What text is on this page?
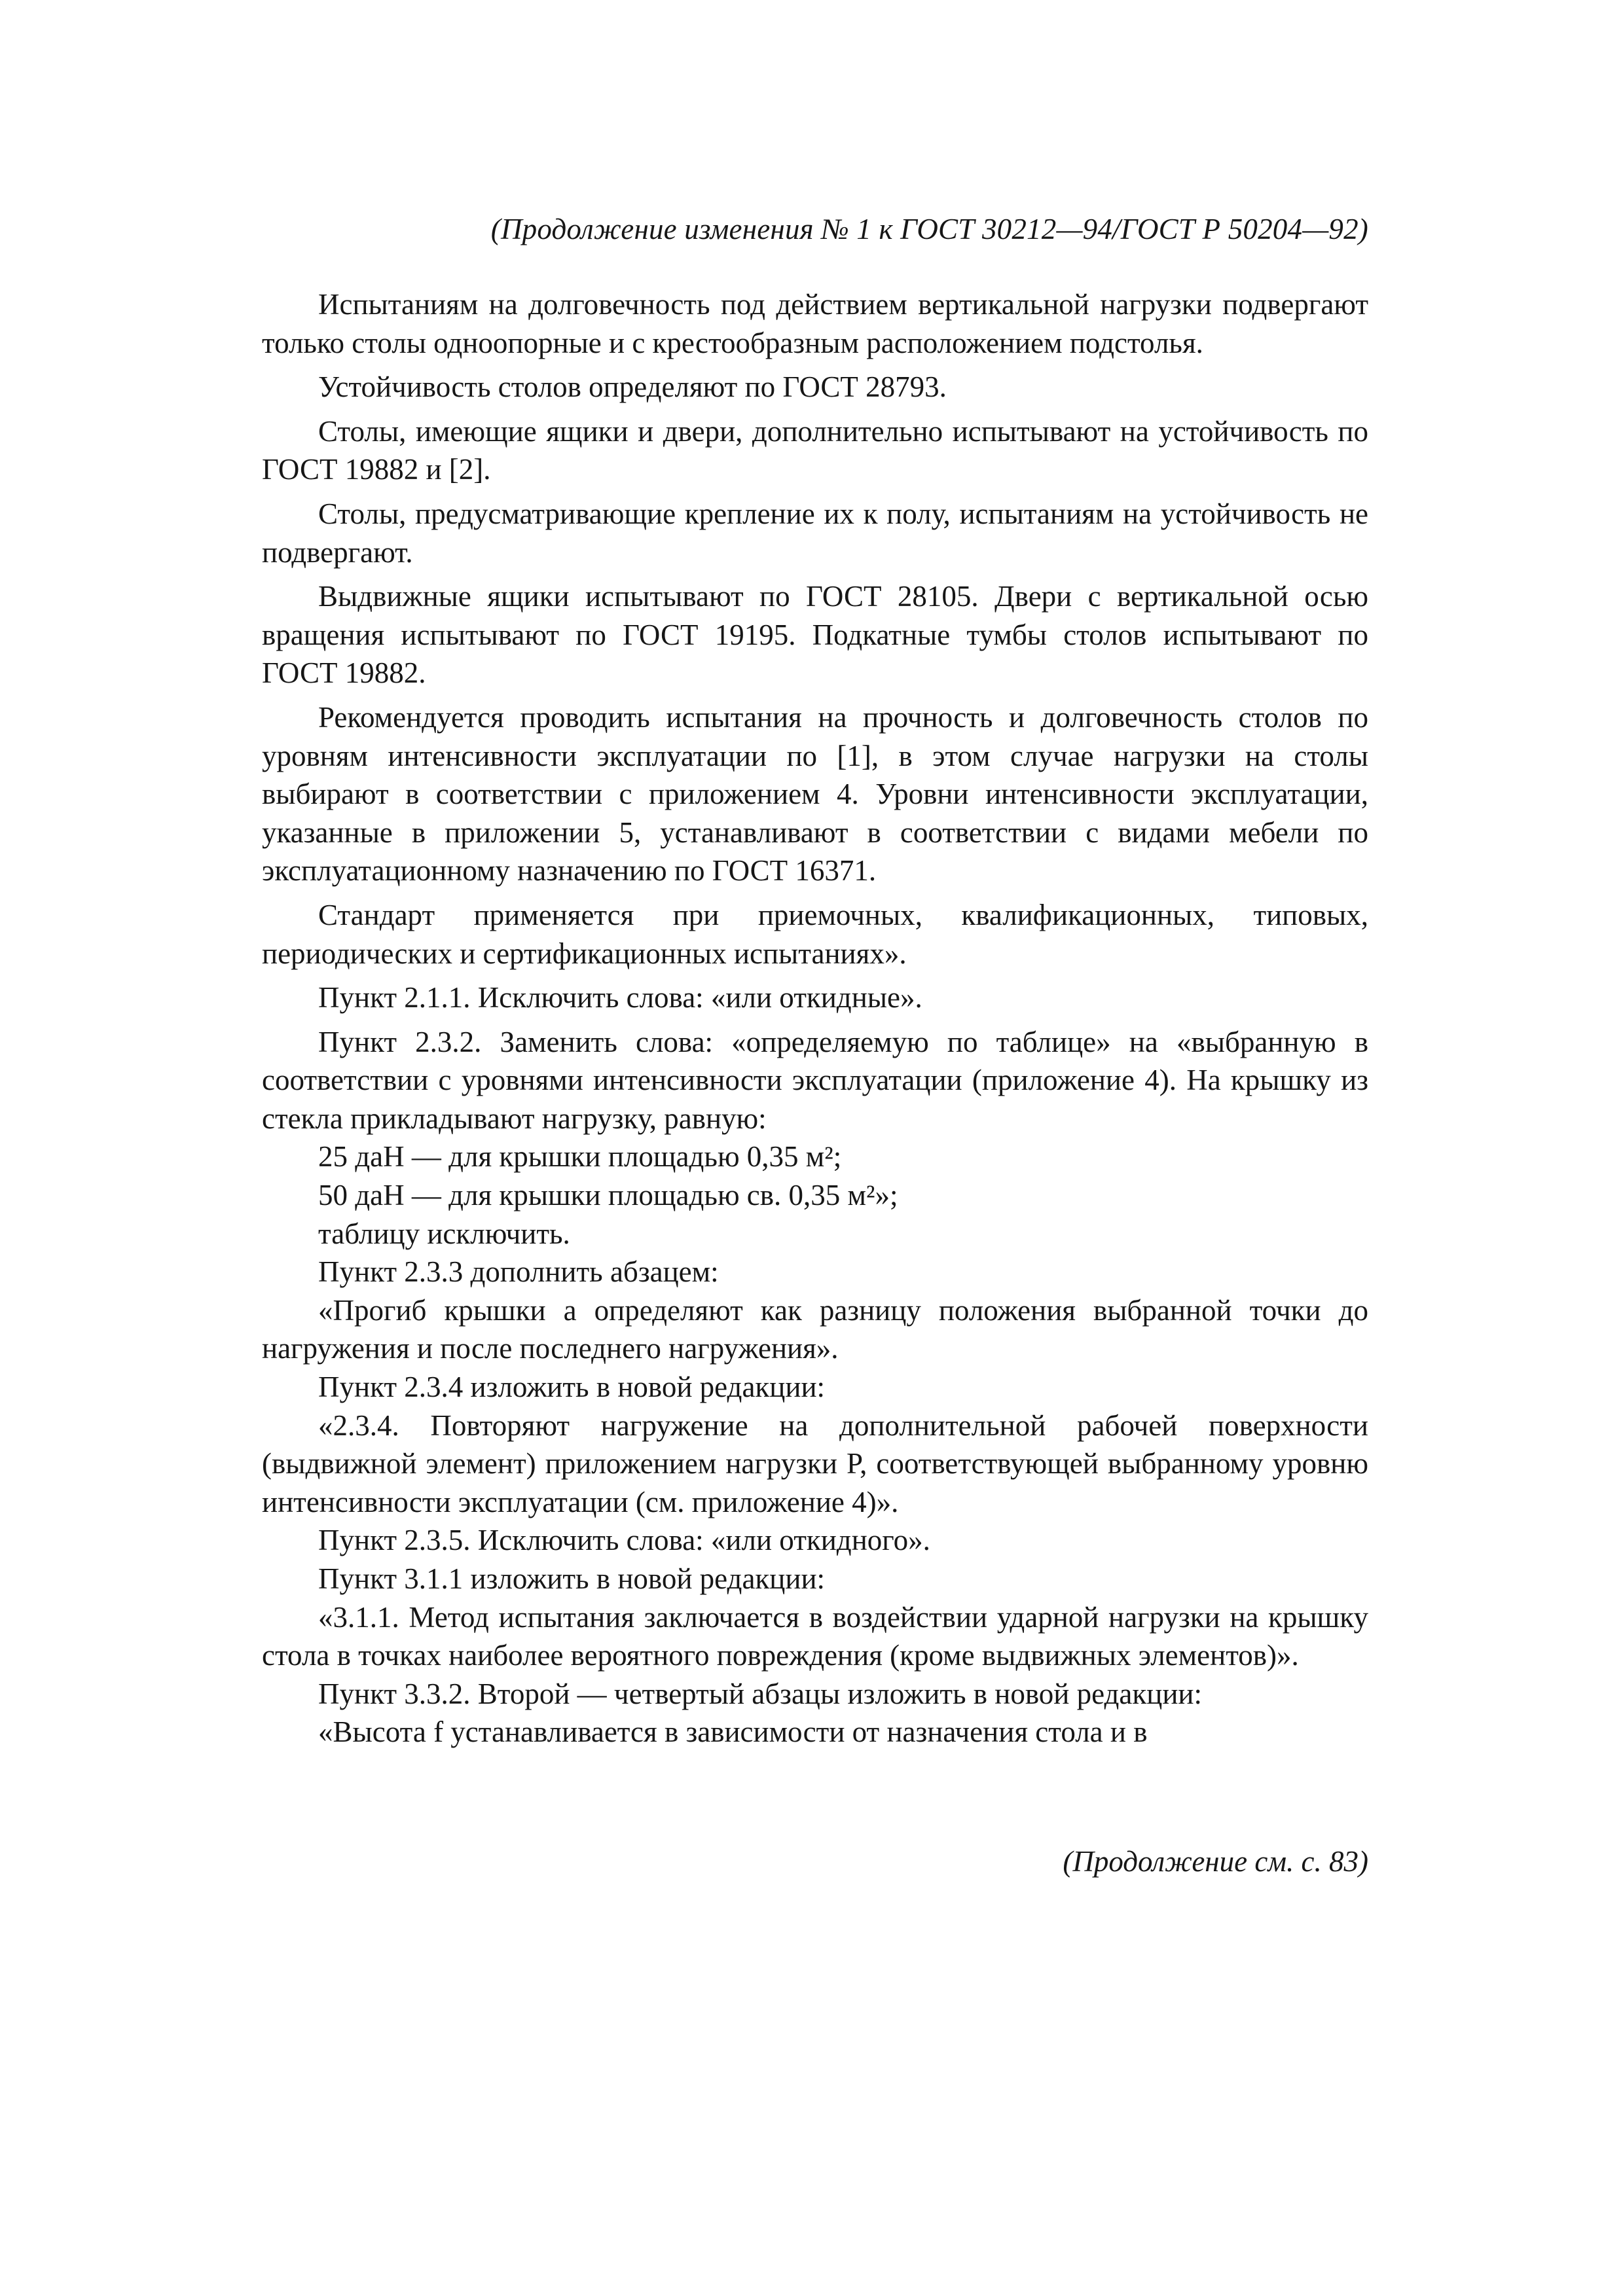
(Продолжение изменения № 1 к ГОСТ 30212—94/ГОСТ Р 50204—92)

Испытаниям на долговечность под действием вертикальной нагрузки подвергают только столы одноопорные и с крестообразным расположением подстолья.

Устойчивость столов определяют по ГОСТ 28793.

Столы, имеющие ящики и двери, дополнительно испытывают на устойчивость по ГОСТ 19882 и [2].

Столы, предусматривающие крепление их к полу, испытаниям на устойчивость не подвергают.

Выдвижные ящики испытывают по ГОСТ 28105. Двери с вертикальной осью вращения испытывают по ГОСТ 19195. Подкатные тумбы столов испытывают по ГОСТ 19882.

Рекомендуется проводить испытания на прочность и долговечность столов по уровням интенсивности эксплуатации по [1], в этом случае нагрузки на столы выбирают в соответствии с приложением 4. Уровни интенсивности эксплуатации, указанные в приложении 5, устанавливают в соответствии с видами мебели по эксплуатационному назначению по ГОСТ 16371.

Стандарт применяется при приемочных, квалификационных, типовых, периодических и сертификационных испытаниях».

Пункт 2.1.1. Исключить слова: «или откидные».

Пункт 2.3.2. Заменить слова: «определяемую по таблице» на «выбранную в соответствии с уровнями интенсивности эксплуатации (приложение 4). На крышку из стекла прикладывают нагрузку, равную:

25 даН — для крышки площадью 0,35 м²;

50 даН — для крышки площадью св. 0,35 м²»;

таблицу исключить.

Пункт 2.3.3 дополнить абзацем:

«Прогиб крышки a определяют как разницу положения выбранной точки до нагружения и после последнего нагружения».

Пункт 2.3.4 изложить в новой редакции:

«2.3.4. Повторяют нагружение на дополнительной рабочей поверхности (выдвижной элемент) приложением нагрузки P, соответствующей выбранному уровню интенсивности эксплуатации (см. приложение 4)».

Пункт 2.3.5. Исключить слова: «или откидного».

Пункт 3.1.1 изложить в новой редакции:

«3.1.1. Метод испытания заключается в воздействии ударной нагрузки на крышку стола в точках наиболее вероятного повреждения (кроме выдвижных элементов)».

Пункт 3.3.2. Второй — четвертый абзацы изложить в новой редакции:

«Высота f устанавливается в зависимости от назначения стола и в

(Продолжение см. с. 83)
